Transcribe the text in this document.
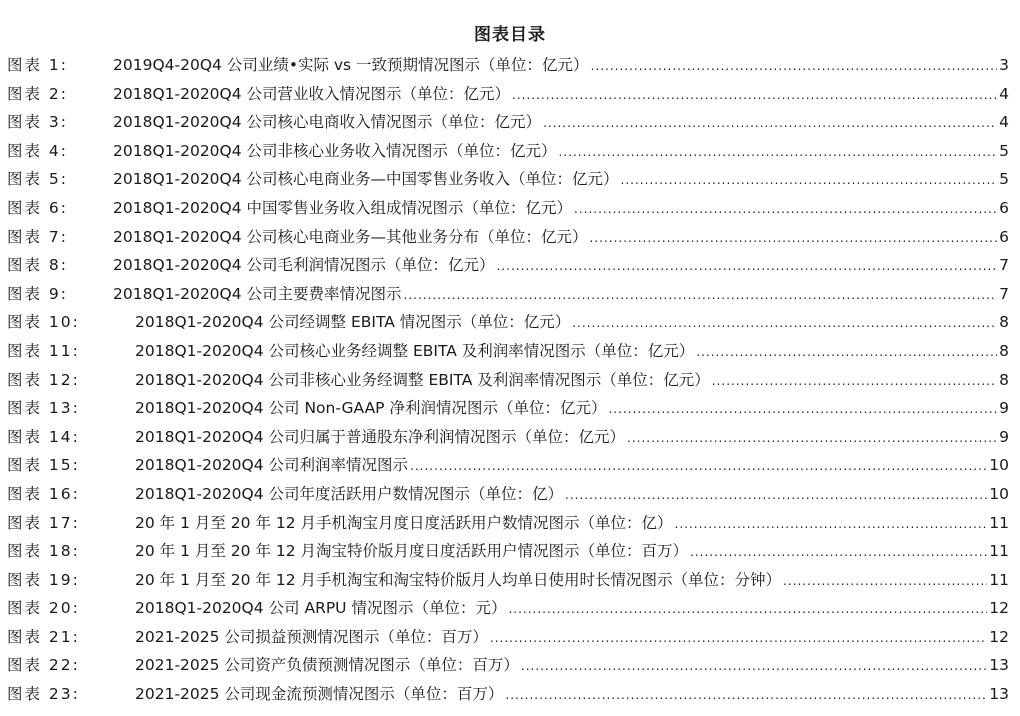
图表目录
图表 1:	2019Q4-20Q4 公司业绩•实际 vs 一致预期情况图示（单位：亿元） .....	3
图表 2:	2018Q1-2020Q4 公司营业收入情况图示（单位：亿元） .....	4
图表 3:	2018Q1-2020Q4 公司核心电商收入情况图示（单位：亿元） .....	4
图表 4:	2018Q1-2020Q4 公司非核心业务收入情况图示（单位：亿元） .....	5
图表 5:	2018Q1-2020Q4 公司核心电商业务—中国零售业务收入（单位：亿元） .....	5
图表 6:	2018Q1-2020Q4 中国零售业务收入组成情况图示（单位：亿元） .....	6
图表 7:	2018Q1-2020Q4 公司核心电商业务—其他业务分布（单位：亿元） .....	6
图表 8:	2018Q1-2020Q4 公司毛利润情况图示（单位：亿元） .....	7
图表 9:	2018Q1-2020Q4 公司主要费率情况图示 .....	7
图表 10:	2018Q1-2020Q4 公司经调整 EBITA 情况图示（单位：亿元） .....	8
图表 11:	2018Q1-2020Q4 公司核心业务经调整 EBITA 及利润率情况图示（单位：亿元） .....	8
图表 12:	2018Q1-2020Q4 公司非核心业务经调整 EBITA 及利润率情况图示（单位：亿元） .....	8
图表 13:	2018Q1-2020Q4 公司 Non-GAAP 净利润情况图示（单位：亿元） .....	9
图表 14:	2018Q1-2020Q4 公司归属于普通股东净利润情况图示（单位：亿元） .....	9
图表 15:	2018Q1-2020Q4 公司利润率情况图示 .....	10
图表 16:	2018Q1-2020Q4 公司年度活跃用户数情况图示（单位：亿） .....	10
图表 17:	20 年 1 月至 20 年 12 月手机淘宝月度日度活跃用户数情况图示（单位：亿） .....	11
图表 18:	20 年 1 月至 20 年 12 月淘宝特价版月度日度活跃用户情况图示（单位：百万） .....	11
图表 19:	20 年 1 月至 20 年 12 月手机淘宝和淘宝特价版月人均单日使用时长情况图示（单位：分钟） .....	11
图表 20:	2018Q1-2020Q4 公司 ARPU 情况图示（单位：元） .....	12
图表 21:	2021-2025 公司损益预测情况图示（单位：百万） .....	12
图表 22:	2021-2025 公司资产负债预测情况图示（单位：百万） .....	13
图表 23:	2021-2025 公司现金流预测情况图示（单位：百万） .....	13
